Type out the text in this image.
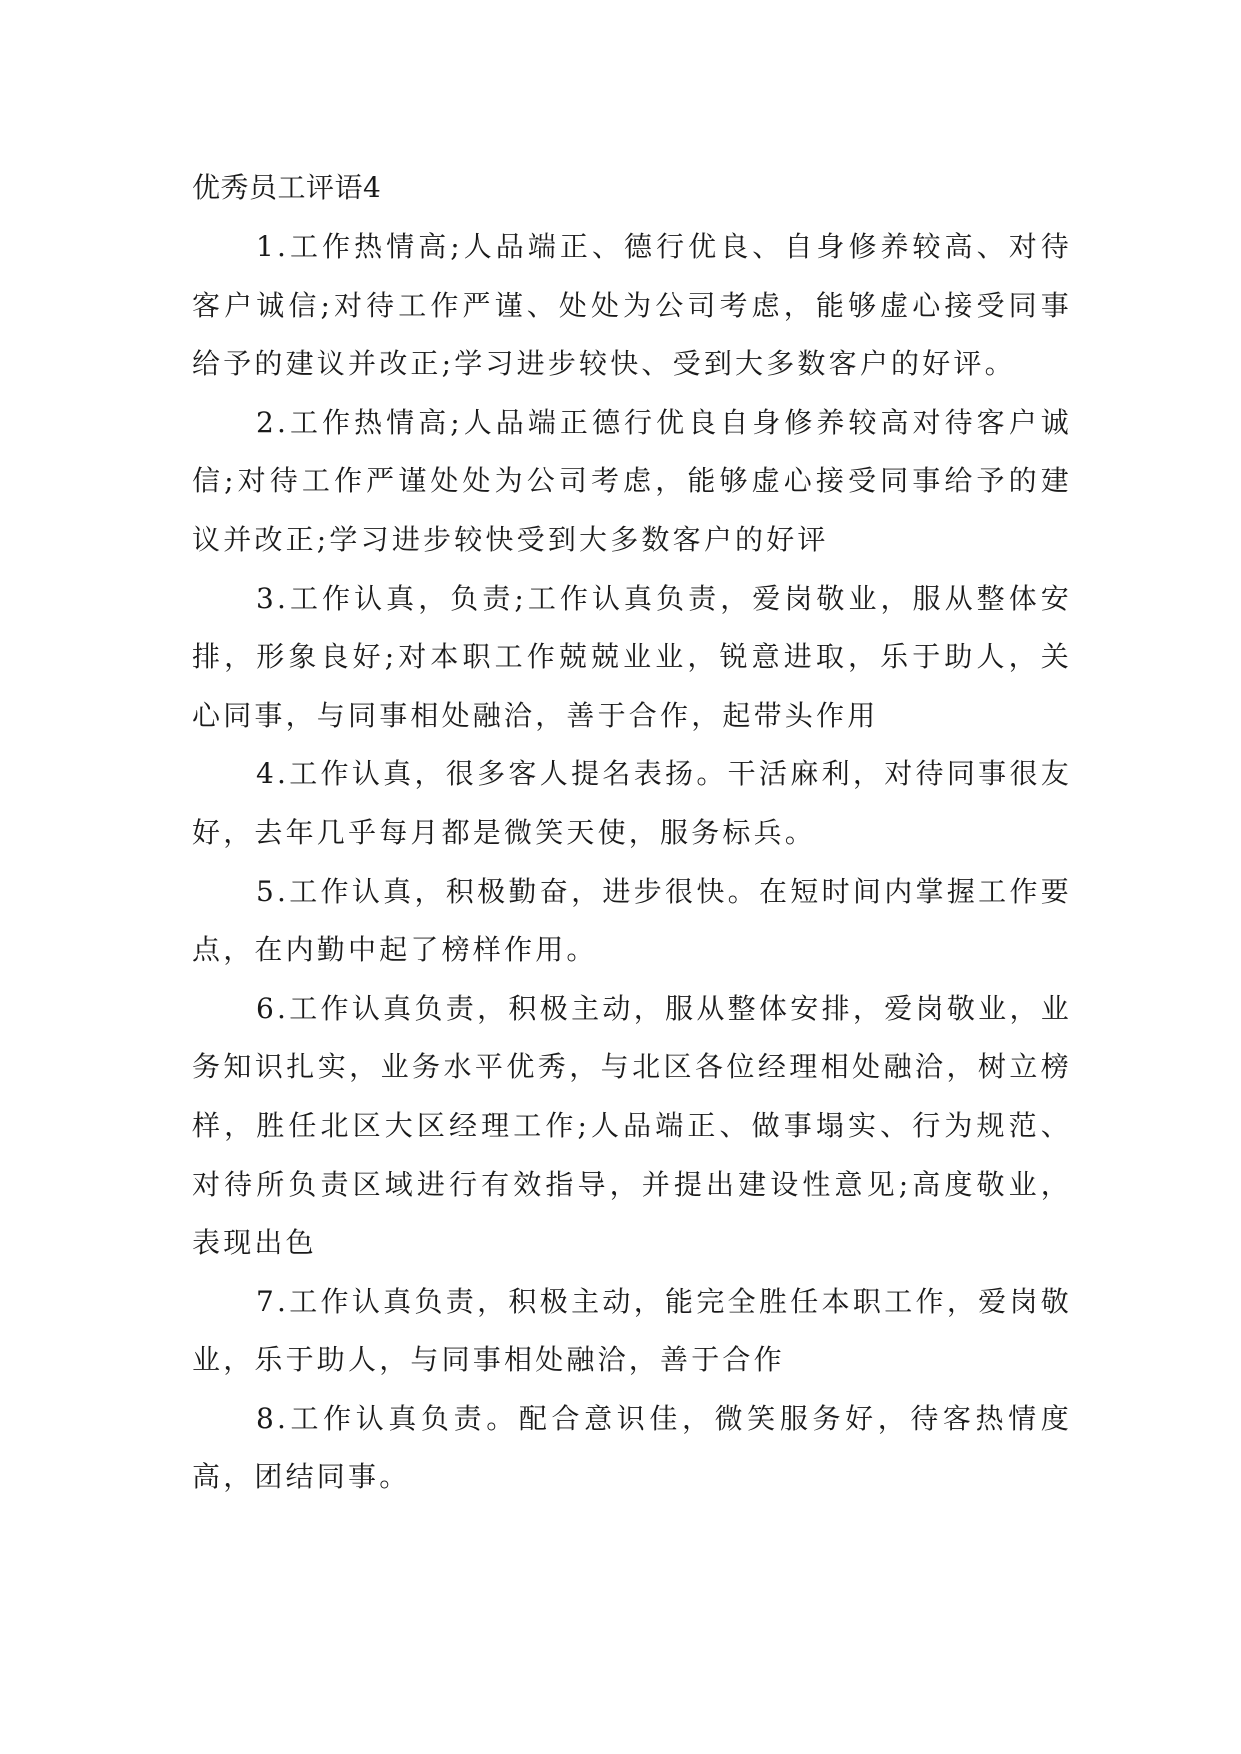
优秀员工评语4

1.工作热情高;人品端正、德行优良、自身修养较高、对待客户诚信;对待工作严谨、处处为公司考虑，能够虚心接受同事给予的建议并改正;学习进步较快、受到大多数客户的好评。

2.工作热情高;人品端正德行优良自身修养较高对待客户诚信;对待工作严谨处处为公司考虑，能够虚心接受同事给予的建议并改正;学习进步较快受到大多数客户的好评

3.工作认真，负责;工作认真负责，爱岗敬业，服从整体安排，形象良好;对本职工作兢兢业业，锐意进取，乐于助人，关心同事，与同事相处融洽，善于合作，起带头作用

4.工作认真，很多客人提名表扬。干活麻利，对待同事很友好，去年几乎每月都是微笑天使，服务标兵。

5.工作认真，积极勤奋，进步很快。在短时间内掌握工作要点，在内勤中起了榜样作用。

6.工作认真负责，积极主动，服从整体安排，爱岗敬业，业务知识扎实，业务水平优秀，与北区各位经理相处融洽，树立榜样，胜任北区大区经理工作;人品端正、做事塌实、行为规范、对待所负责区域进行有效指导，并提出建设性意见;高度敬业，表现出色

7.工作认真负责，积极主动，能完全胜任本职工作，爱岗敬业，乐于助人，与同事相处融洽，善于合作

8.工作认真负责。配合意识佳，微笑服务好，待客热情度高，团结同事。
